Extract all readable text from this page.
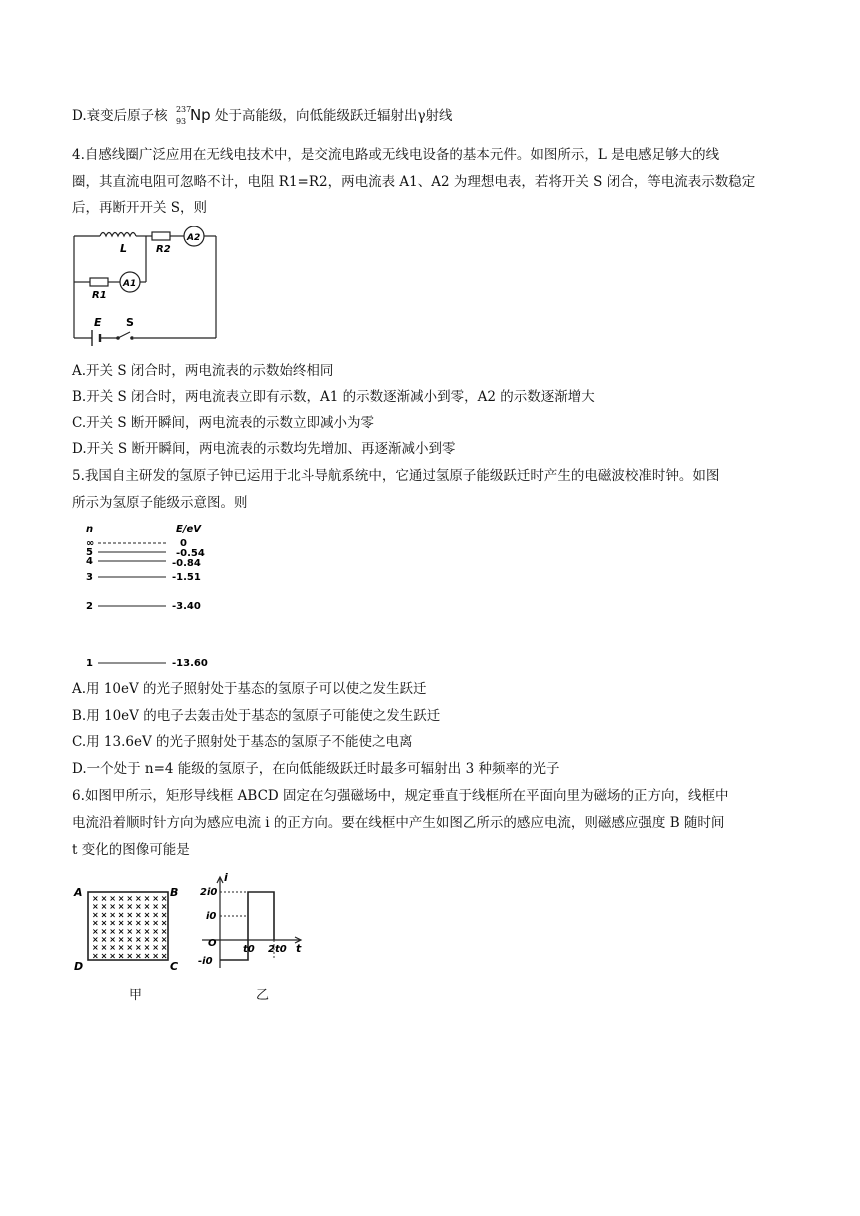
D.衰变后原子核 237
93 Np 处于高能级，向低能级跃迁辐射出γ射线
4.自感线圈广泛应用在无线电技术中，是交流电路或无线电设备的基本元件。如图所示，L 是电感足够大的线
圈，其直流电阻可忽略不计，电阻 R1=R2，两电流表 A1、A2 为理想电表，若将开关 S 闭合，等电流表示数稳定
后，再断开开关 S，则
L	R2
A2
R1
A1
E S
A.开关 S 闭合时，两电流表的示数始终相同
B.开关 S 闭合时，两电流表立即有示数，A1 的示数逐渐减小到零，A2 的示数逐渐增大
C.开关 S 断开瞬间，两电流表的示数立即减小为零
D.开关 S 断开瞬间，两电流表的示数均先增加、再逐渐减小到零
5.我国自主研发的氢原子钟已运用于北斗导航系统中，它通过氢原子能级跃迁时产生的电磁波校准时钟。如图
所示为氢原子能级示意图。则
n	E/eV
∞
5
4
3
2
1
0
-0.54
-0.84
-1.51
-3.40
-13.60
A.用 10eV 的光子照射处于基态的氢原子可以使之发生跃迁
B.用 10eV 的电子去轰击处于基态的氢原子可能使之发生跃迁
C.用 13.6eV 的光子照射处于基态的氢原子不能使之电离
D.一个处于 n=4 能级的氢原子，在向低能级跃迁时最多可辐射出 3 种频率的光子
6.如图甲所示，矩形导线框 ABCD 固定在匀强磁场中，规定垂直于线框所在平面向里为磁场的正方向，线框中
电流沿着顺时针方向为感应电流 i 的正方向。要在线框中产生如图乙所示的感应电流，则磁感应强度 B 随时间
t 变化的图像可能是
× × × × × × × × ×
× × × × × × × × ×
× × × × × × × × ×
× × × × × × × × ×
× × × × × × × × ×
× × × × × × × × ×
× × × × × × × × ×
× × × × × × × × ×
A	B
C
D
甲
i
t
O
2i0
i0
-i0
t0 2t0
乙
